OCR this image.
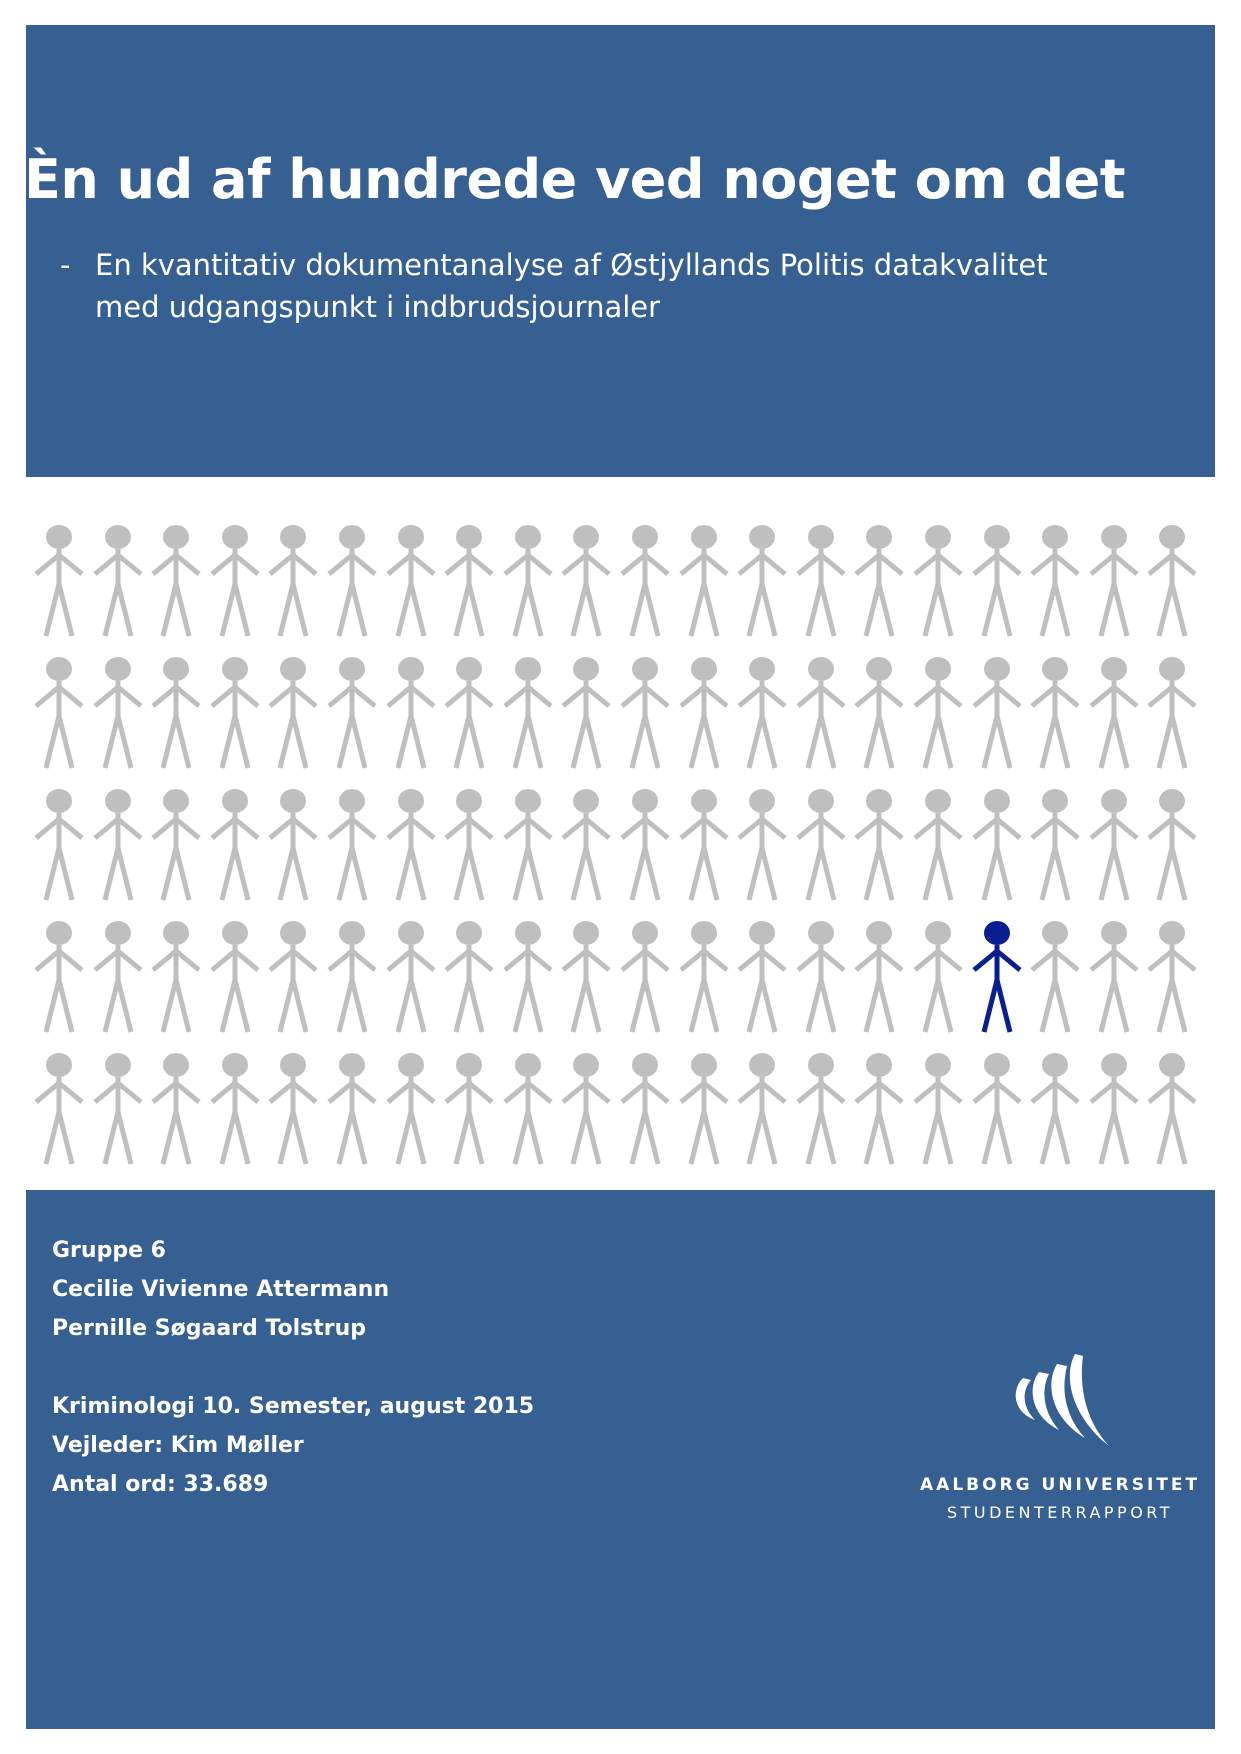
Èn ud af hundrede ved noget om det
- En kvantitativ dokumentanalyse af Østjyllands Politis datakvalitet
med udgangspunkt i indbrudsjournaler
Gruppe 6
Cecilie Vivienne Attermann
Pernille Søgaard Tolstrup
Kriminologi 10. Semester, august 2015
Vejleder: Kim Møller
Antal ord: 33.689	AALBORG UNIVERSITET
STUDENTERRAPPORT
